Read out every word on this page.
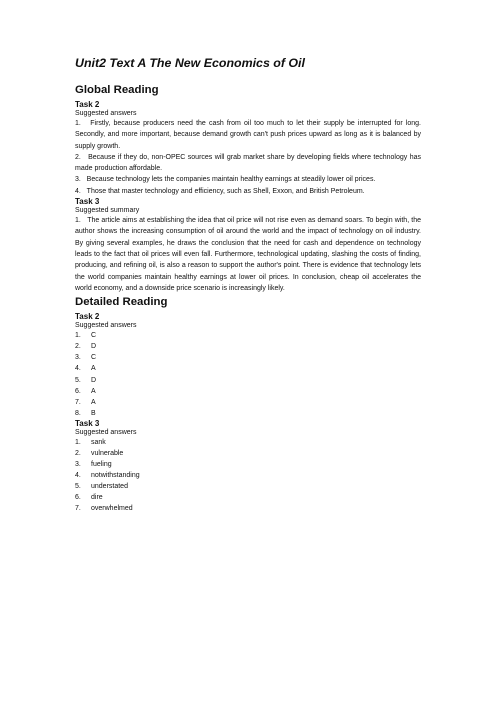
Unit2 Text A The New Economics of Oil
Global Reading
Task 2
Suggested answers

1.   Firstly, because producers need the cash from oil too much to let their supply be interrupted for long. Secondly, and more important, because demand growth can't push prices upward as long as it is balanced by supply growth.

2.   Because if they do, non-OPEC sources will grab market share by developing fields where technology has made production affordable.

3.   Because technology lets the companies maintain healthy earnings at steadily lower oil prices.

4.   Those that master technology and efficiency, such as Shell, Exxon, and British Petroleum.

Task 3
Suggested summary

1.   The article aims at establishing the idea that oil price will not rise even as demand soars. To begin with, the author shows the increasing consumption of oil around the world and the impact of technology on oil industry. By giving several examples, he draws the conclusion that the need for cash and dependence on technology leads to the fact that oil prices will even fall. Furthermore, technological updating, slashing the costs of finding, producing, and refining oil, is also a reason to support the author's point. There is evidence that technology lets the world companies maintain healthy earnings at lower oil prices. In conclusion, cheap oil accelerates the world economy, and a downside price scenario is increasingly likely.

Detailed Reading
Task 2
Suggested answers
1.	C
2.	D
3.	C
4.	A
5.	D
6.	A
7.	A
8.	B
Task 3
Suggested answers
1.	sank
2.	vulnerable
3.	fueling
4.	notwithstanding
5.	understated
6.	dire
7.	overwhelmed
